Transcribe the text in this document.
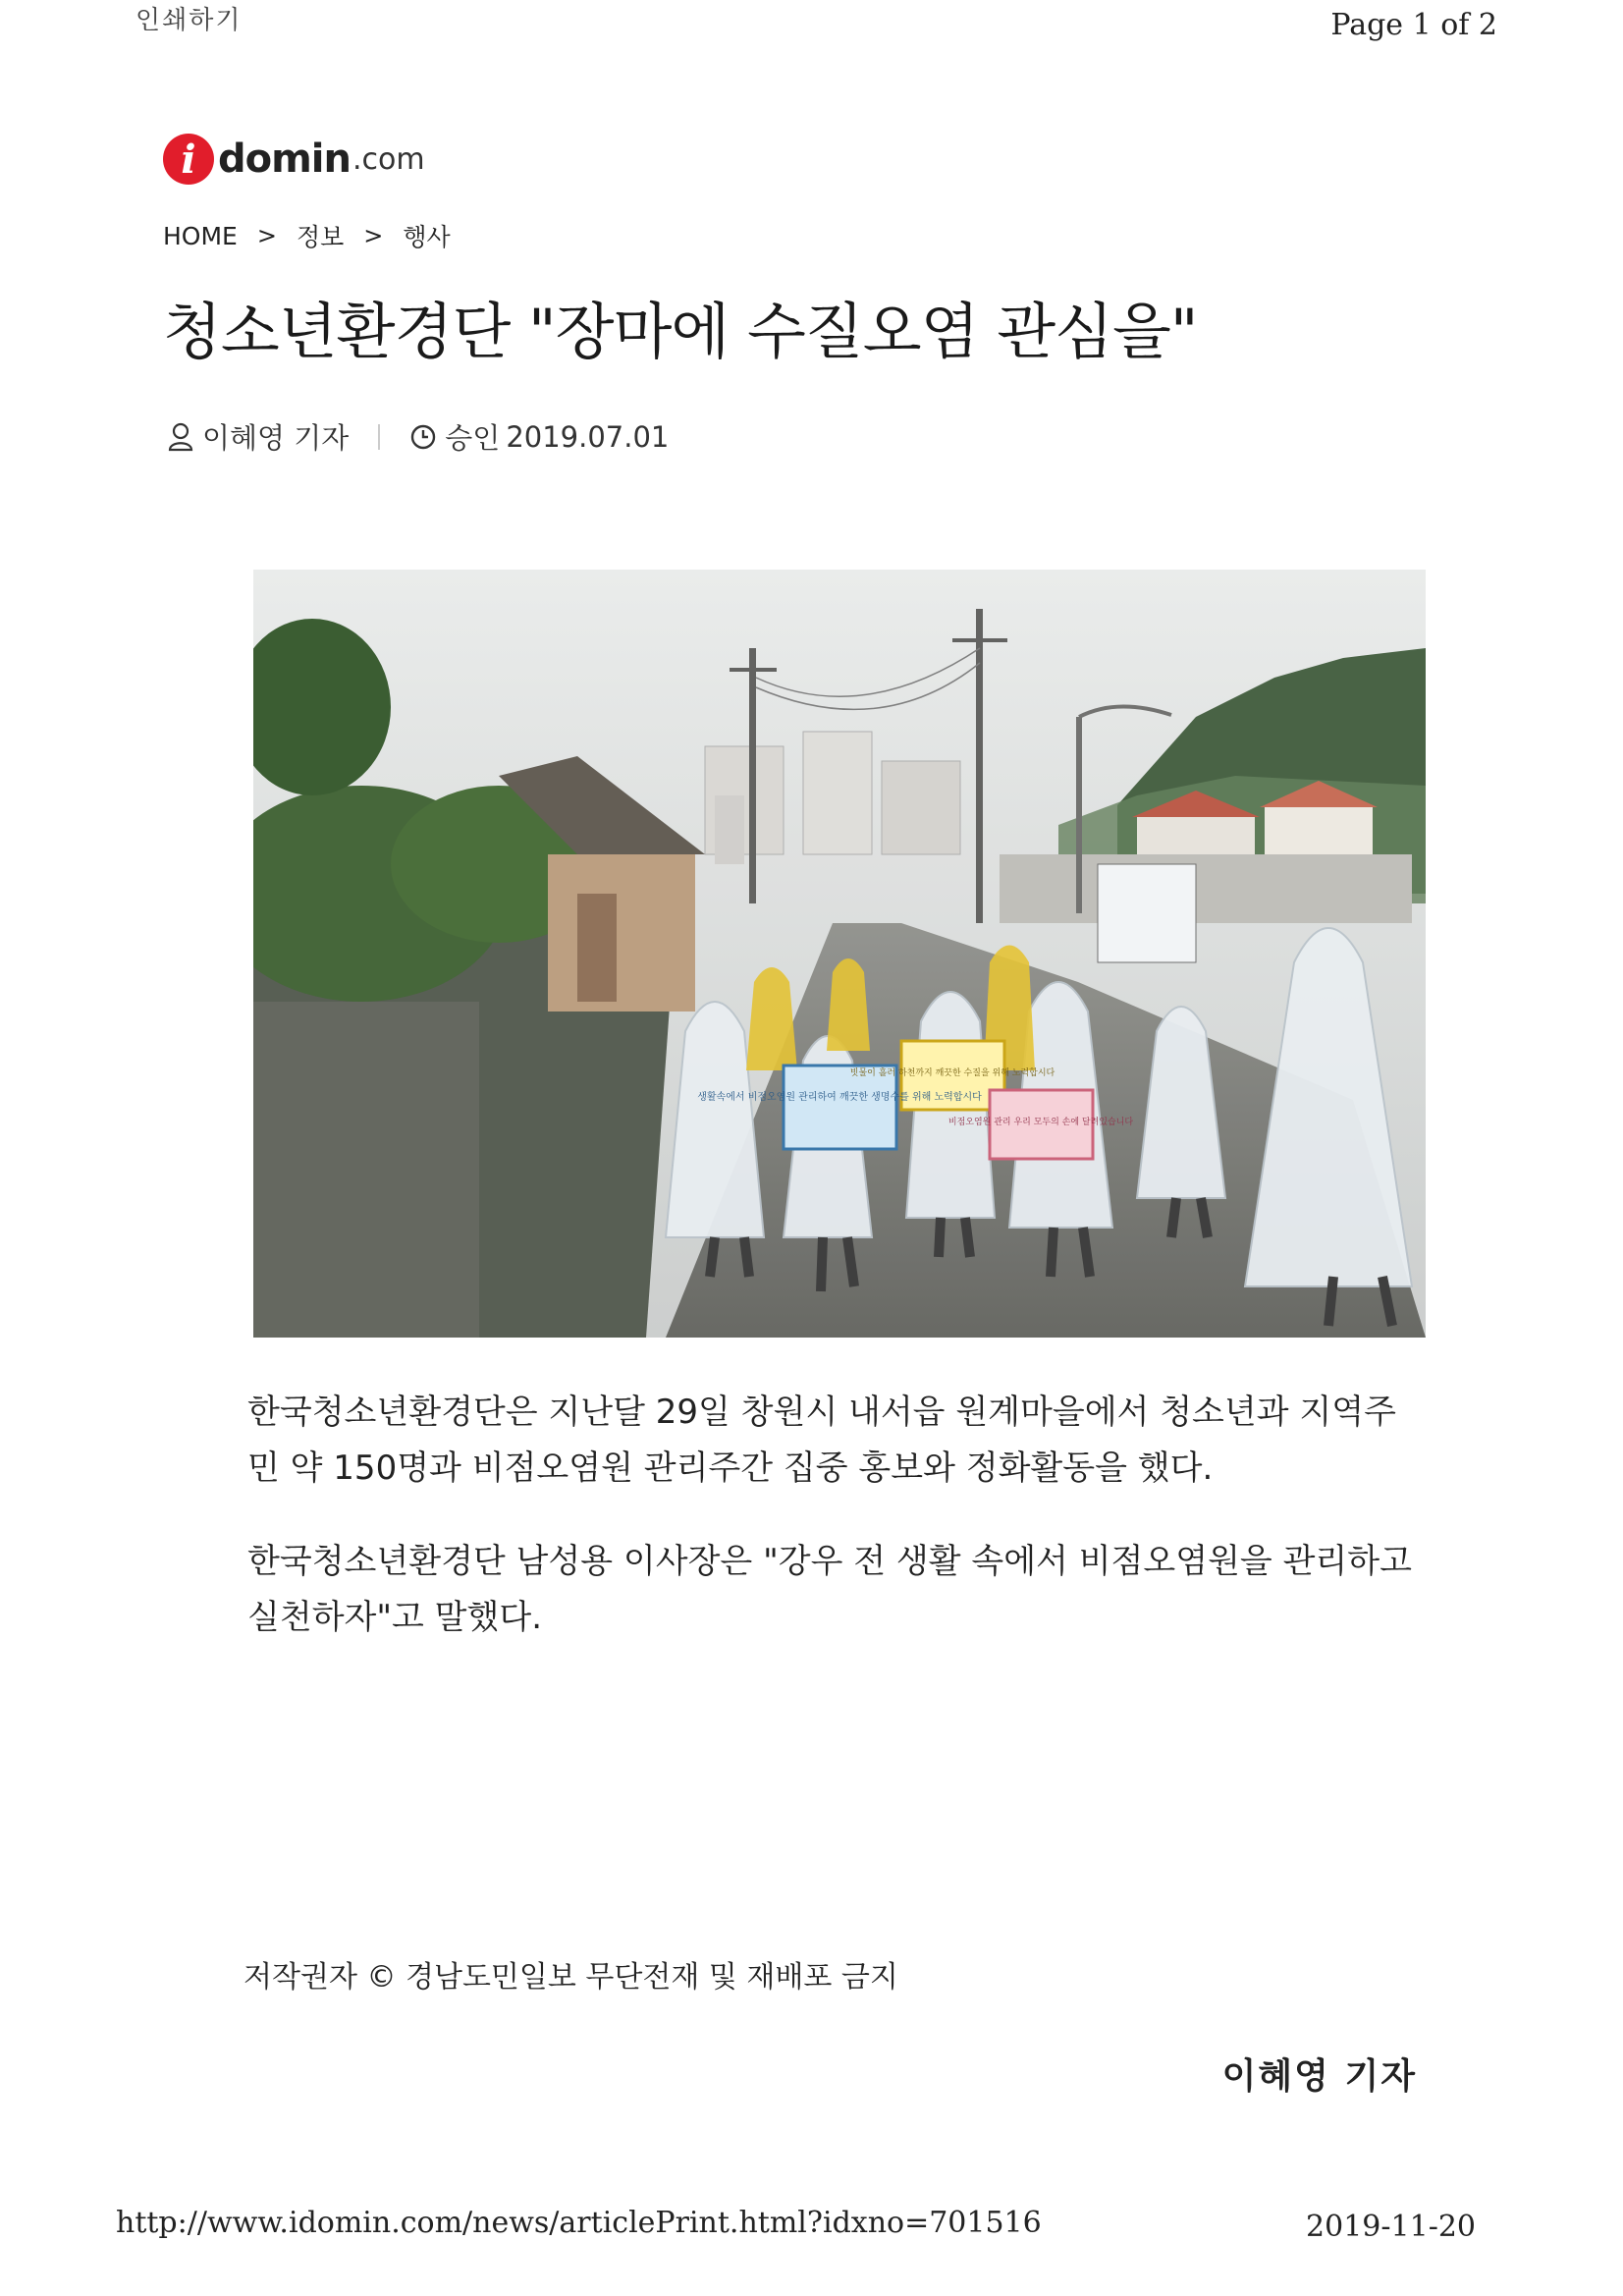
인쇄하기	Page 1 of 2
i domin .com
HOME > 정보 > 행사
청소년환경단 "장마에 수질오염 관심을"
이혜영 기자	승인 2019.07.01
생활속에서 비점오염원 관리하여 깨끗한 생명수를 위해 노력합시다
빗물이 흘러 하천까지 깨끗한 수질을 위해 노력합시다
비점오염원 관리 우리 모두의 손에 달려있습니다

한국청소년환경단은 지난달 29일 창원시 내서읍 원계마을에서 청소년과 지역주민 약 150명과 비점오염원 관리주간 집중 홍보와 정화활동을 했다.

한국청소년환경단 남성용 이사장은 "강우 전 생활 속에서 비점오염원을 관리하고 실천하자"고 말했다.

저작권자 © 경남도민일보 무단전재 및 재배포 금지
이혜영 기자
http://www.idomin.com/news/articlePrint.html?idxno=701516	2019-11-20
